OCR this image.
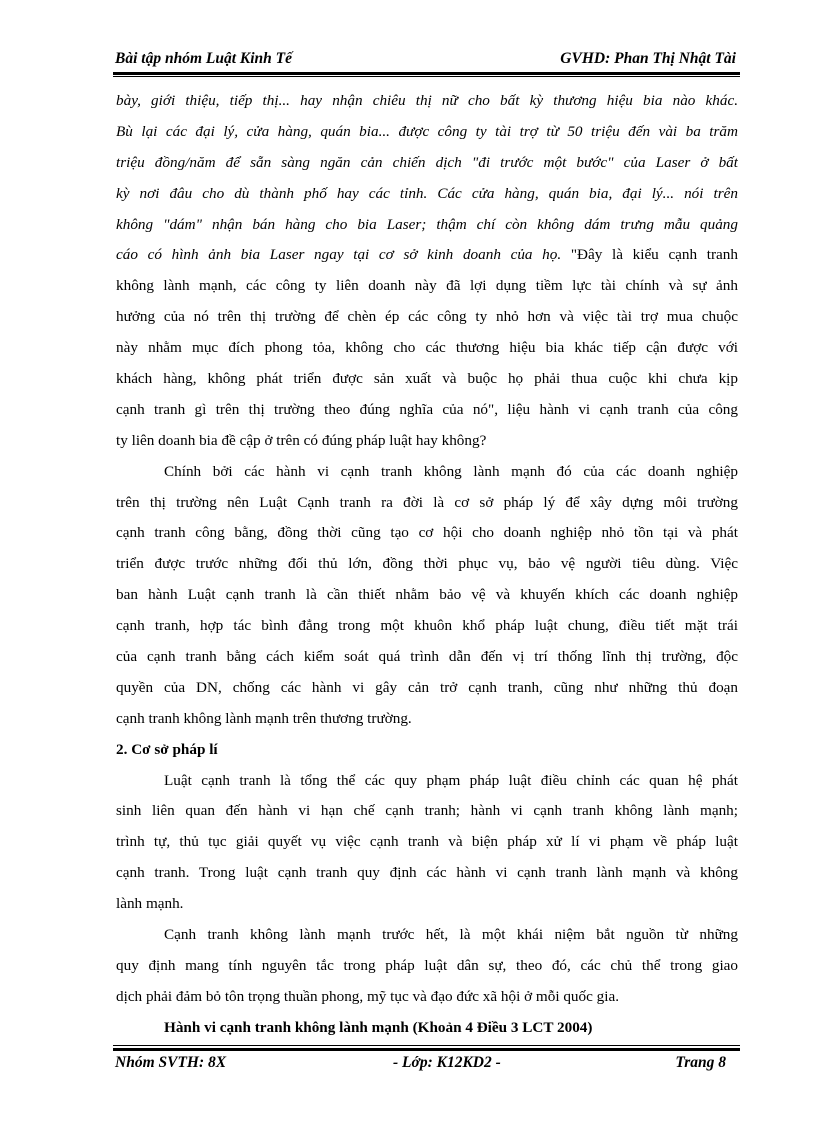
Bài tập nhóm Luật Kinh Tế	GVHD: Phan Thị Nhật Tài
bày, giới thiệu, tiếp thị... hay nhận chiêu thị nữ cho bất kỳ thương hiệu bia nào khác.
Bù lại các đại lý, cửa hàng, quán bia... được công ty tài trợ từ 50 triệu đến vài ba trăm
triệu đồng/năm để sẵn sàng ngăn cản chiến dịch "đi trước một bước" của Laser ở bất
kỳ nơi đâu cho dù thành phố hay các tỉnh. Các cửa hàng, quán bia, đại lý... nói trên
không "dám" nhận bán hàng cho bia Laser; thậm chí còn không dám trưng mẫu quảng
cáo có hình ảnh bia Laser ngay tại cơ sở kinh doanh của họ. "Đây là kiểu cạnh tranh
không lành mạnh, các công ty liên doanh này đã lợi dụng tiềm lực tài chính và sự ảnh
hưởng của nó trên thị trường để chèn ép các công ty nhỏ hơn và việc tài trợ mua chuộc
này nhằm mục đích phong tỏa, không cho các thương hiệu bia khác tiếp cận được với
khách hàng, không phát triển được sản xuất và buộc họ phải thua cuộc khi chưa kịp
cạnh tranh gì trên thị trường theo đúng nghĩa của nó", liệu hành vi cạnh tranh của công
ty liên doanh bia đề cập ở trên có đúng pháp luật hay không?
Chính bởi các hành vi cạnh tranh không lành mạnh đó của các doanh nghiệp
trên thị trường nên Luật Cạnh tranh ra đời là cơ sở pháp lý để xây dựng môi trường
cạnh tranh công bằng, đồng thời cũng tạo cơ hội cho doanh nghiệp nhỏ tồn tại và phát
triển được trước những đối thủ lớn, đồng thời phục vụ, bảo vệ người tiêu dùng. Việc
ban hành Luật cạnh tranh là cần thiết nhằm bảo vệ và khuyến khích các doanh nghiệp
cạnh tranh, hợp tác bình đẳng trong một khuôn khổ pháp luật chung, điều tiết mặt trái
của cạnh tranh bằng cách kiểm soát quá trình dẫn đến vị trí thống lĩnh thị trường, độc
quyền của DN, chống các hành vi gây cản trở cạnh tranh, cũng như những thủ đoạn
cạnh tranh không lành mạnh trên thương trường.
2. Cơ sở pháp lí
Luật cạnh tranh là tổng thể các quy phạm pháp luật điều chỉnh các quan hệ phát
sinh liên quan đến hành vi hạn chế cạnh tranh; hành vi cạnh tranh không lành mạnh;
trình tự, thủ tục giải quyết vụ việc cạnh tranh và biện pháp xử lí vi phạm về pháp luật
cạnh tranh. Trong luật cạnh tranh quy định các hành vi cạnh tranh lành mạnh và không
lành mạnh.
Cạnh tranh không lành mạnh trước hết, là một khái niệm bắt nguồn từ những
quy định mang tính nguyên tắc trong pháp luật dân sự, theo đó, các chủ thể trong giao
dịch phải đảm bỏ tôn trọng thuần phong, mỹ tục và đạo đức xã hội ở mỗi quốc gia.
Hành vi cạnh tranh không lành mạnh (Khoản 4 Điều 3 LCT 2004)
Nhóm SVTH: 8X	- Lớp: K12KD2 -	Trang 8
